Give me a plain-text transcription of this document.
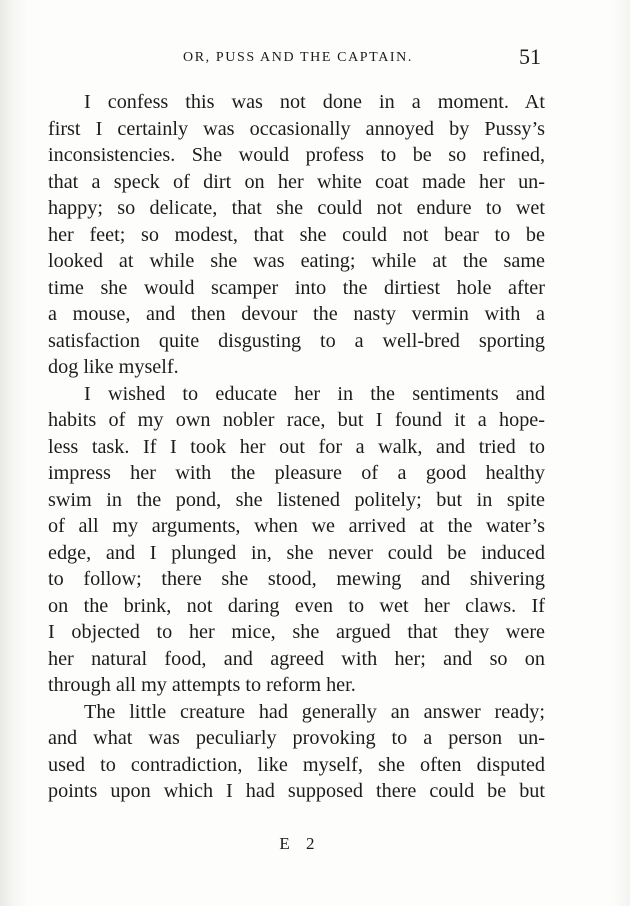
OR, PUSS AND THE CAPTAIN.	51

I confess this was not done in a moment. At

first I certainly was occasionally annoyed by Pussy’s

inconsistencies. She would profess to be so refined,

that a speck of dirt on her white coat made her un-

happy; so delicate, that she could not endure to wet

her feet; so modest, that she could not bear to be

looked at while she was eating; while at the same

time she would scamper into the dirtiest hole after

a mouse, and then devour the nasty vermin with a

satisfaction quite disgusting to a well-bred sporting

dog like myself.

I wished to educate her in the sentiments and

habits of my own nobler race, but I found it a hope-

less task. If I took her out for a walk, and tried to

impress her with the pleasure of a good healthy

swim in the pond, she listened politely; but in spite

of all my arguments, when we arrived at the water’s

edge, and I plunged in, she never could be induced

to follow; there she stood, mewing and shivering

on the brink, not daring even to wet her claws. If

I objected to her mice, she argued that they were

her natural food, and agreed with her; and so on

through all my attempts to reform her.

The little creature had generally an answer ready;

and what was peculiarly provoking to a person un-

used to contradiction, like myself, she often disputed

points upon which I had supposed there could be but

E 2
